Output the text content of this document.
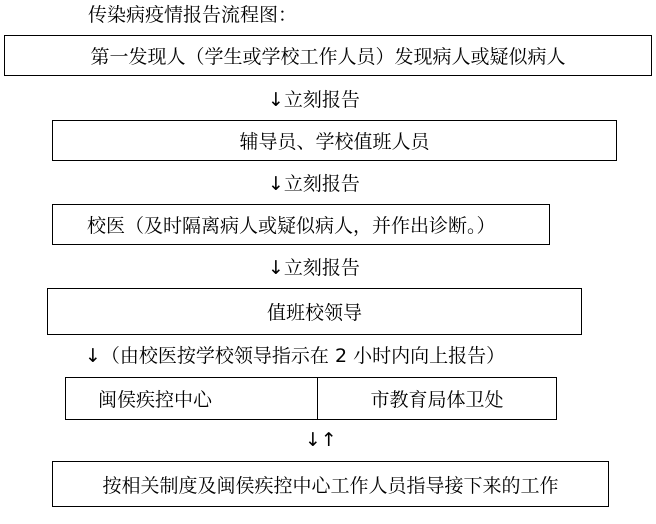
传染病疫情报告流程图：
第一发现人（学生或学校工作人员）发现病人或疑似病人
↓立刻报告
辅导员、学校值班人员
↓立刻报告
校医（及时隔离病人或疑似病人，并作出诊断。）
↓立刻报告
值班校领导
↓（由校医按学校领导指示在 2 小时内向上报告）
闽侯疾控中心	市教育局体卫处
↓↑
按相关制度及闽侯疾控中心工作人员指导接下来的工作
